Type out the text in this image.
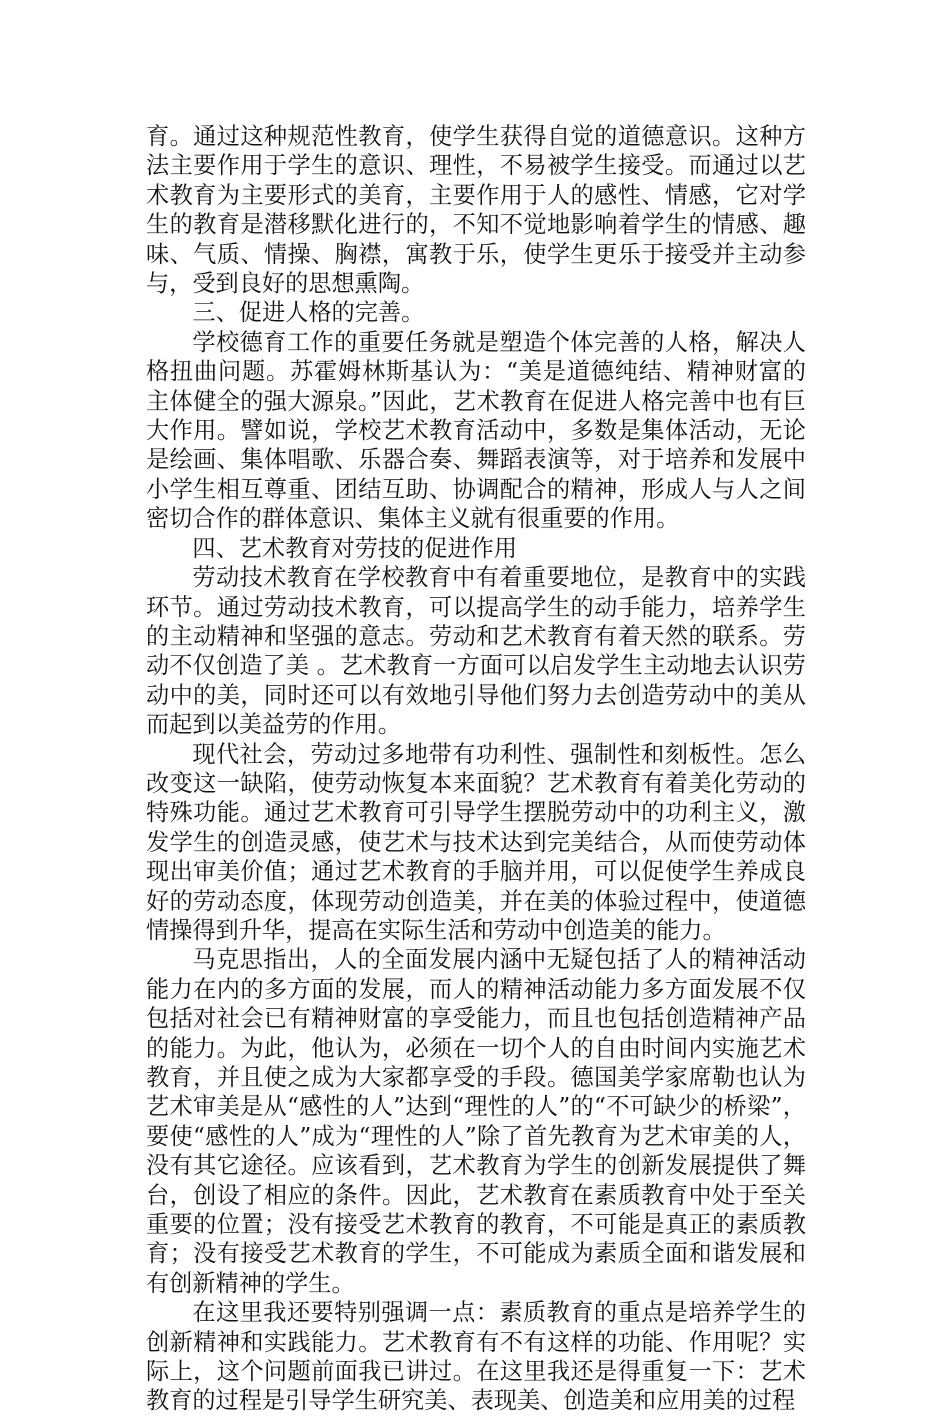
育。通过这种规范性教育，使学生获得自觉的道德意识。这种方法主要作用于学生的意识、理性，不易被学生接受。而通过以艺术教育为主要形式的美育，主要作用于人的感性、情感，它对学生的教育是潜移默化进行的，不知不觉地影响着学生的情感、趣味、气质、情操、胸襟，寓教于乐，使学生更乐于接受并主动参与，受到良好的思想熏陶。

三、促进人格的完善。

学校德育工作的重要任务就是塑造个体完善的人格，解决人格扭曲问题。苏霍姆林斯基认为：“美是道德纯结、精神财富的主体健全的强大源泉。”因此，艺术教育在促进人格完善中也有巨大作用。譬如说，学校艺术教育活动中，多数是集体活动，无论是绘画、集体唱歌、乐器合奏、舞蹈表演等，对于培养和发展中小学生相互尊重、团结互助、协调配合的精神，形成人与人之间密切合作的群体意识、集体主义就有很重要的作用。

四、艺术教育对劳技的促进作用

劳动技术教育在学校教育中有着重要地位，是教育中的实践环节。通过劳动技术教育，可以提高学生的动手能力，培养学生的主动精神和坚强的意志。劳动和艺术教育有着天然的联系。劳动不仅创造了美 。艺术教育一方面可以启发学生主动地去认识劳动中的美，同时还可以有效地引导他们努力去创造劳动中的美从而起到以美益劳的作用。

现代社会，劳动过多地带有功利性、强制性和刻板性。怎么改变这一缺陷，使劳动恢复本来面貌？艺术教育有着美化劳动的特殊功能。通过艺术教育可引导学生摆脱劳动中的功利主义，激发学生的创造灵感，使艺术与技术达到完美结合，从而使劳动体现出审美价值；通过艺术教育的手脑并用，可以促使学生养成良好的劳动态度，体现劳动创造美，并在美的体验过程中，使道德情操得到升华，提高在实际生活和劳动中创造美的能力。

马克思指出，人的全面发展内涵中无疑包括了人的精神活动能力在内的多方面的发展，而人的精神活动能力多方面发展不仅包括对社会已有精神财富的享受能力，而且也包括创造精神产品的能力。为此，他认为，必须在一切个人的自由时间内实施艺术教育，并且使之成为大家都享受的手段。德国美学家席勒也认为艺术审美是从“感性的人”达到“理性的人”的“不可缺少的桥梁”，要使“感性的人”成为“理性的人”除了首先教育为艺术审美的人，没有其它途径。应该看到，艺术教育为学生的创新发展提供了舞台，创设了相应的条件。因此，艺术教育在素质教育中处于至关重要的位置；没有接受艺术教育的教育，不可能是真正的素质教育；没有接受艺术教育的学生，不可能成为素质全面和谐发展和有创新精神的学生。

在这里我还要特别强调一点：素质教育的重点是培养学生的创新精神和实践能力。艺术教育有不有这样的功能、作用呢？实际上，这个问题前面我已讲过。在这里我还是得重复一下：艺术教育的过程是引导学生研究美、表现美、创造美和应用美的过程
